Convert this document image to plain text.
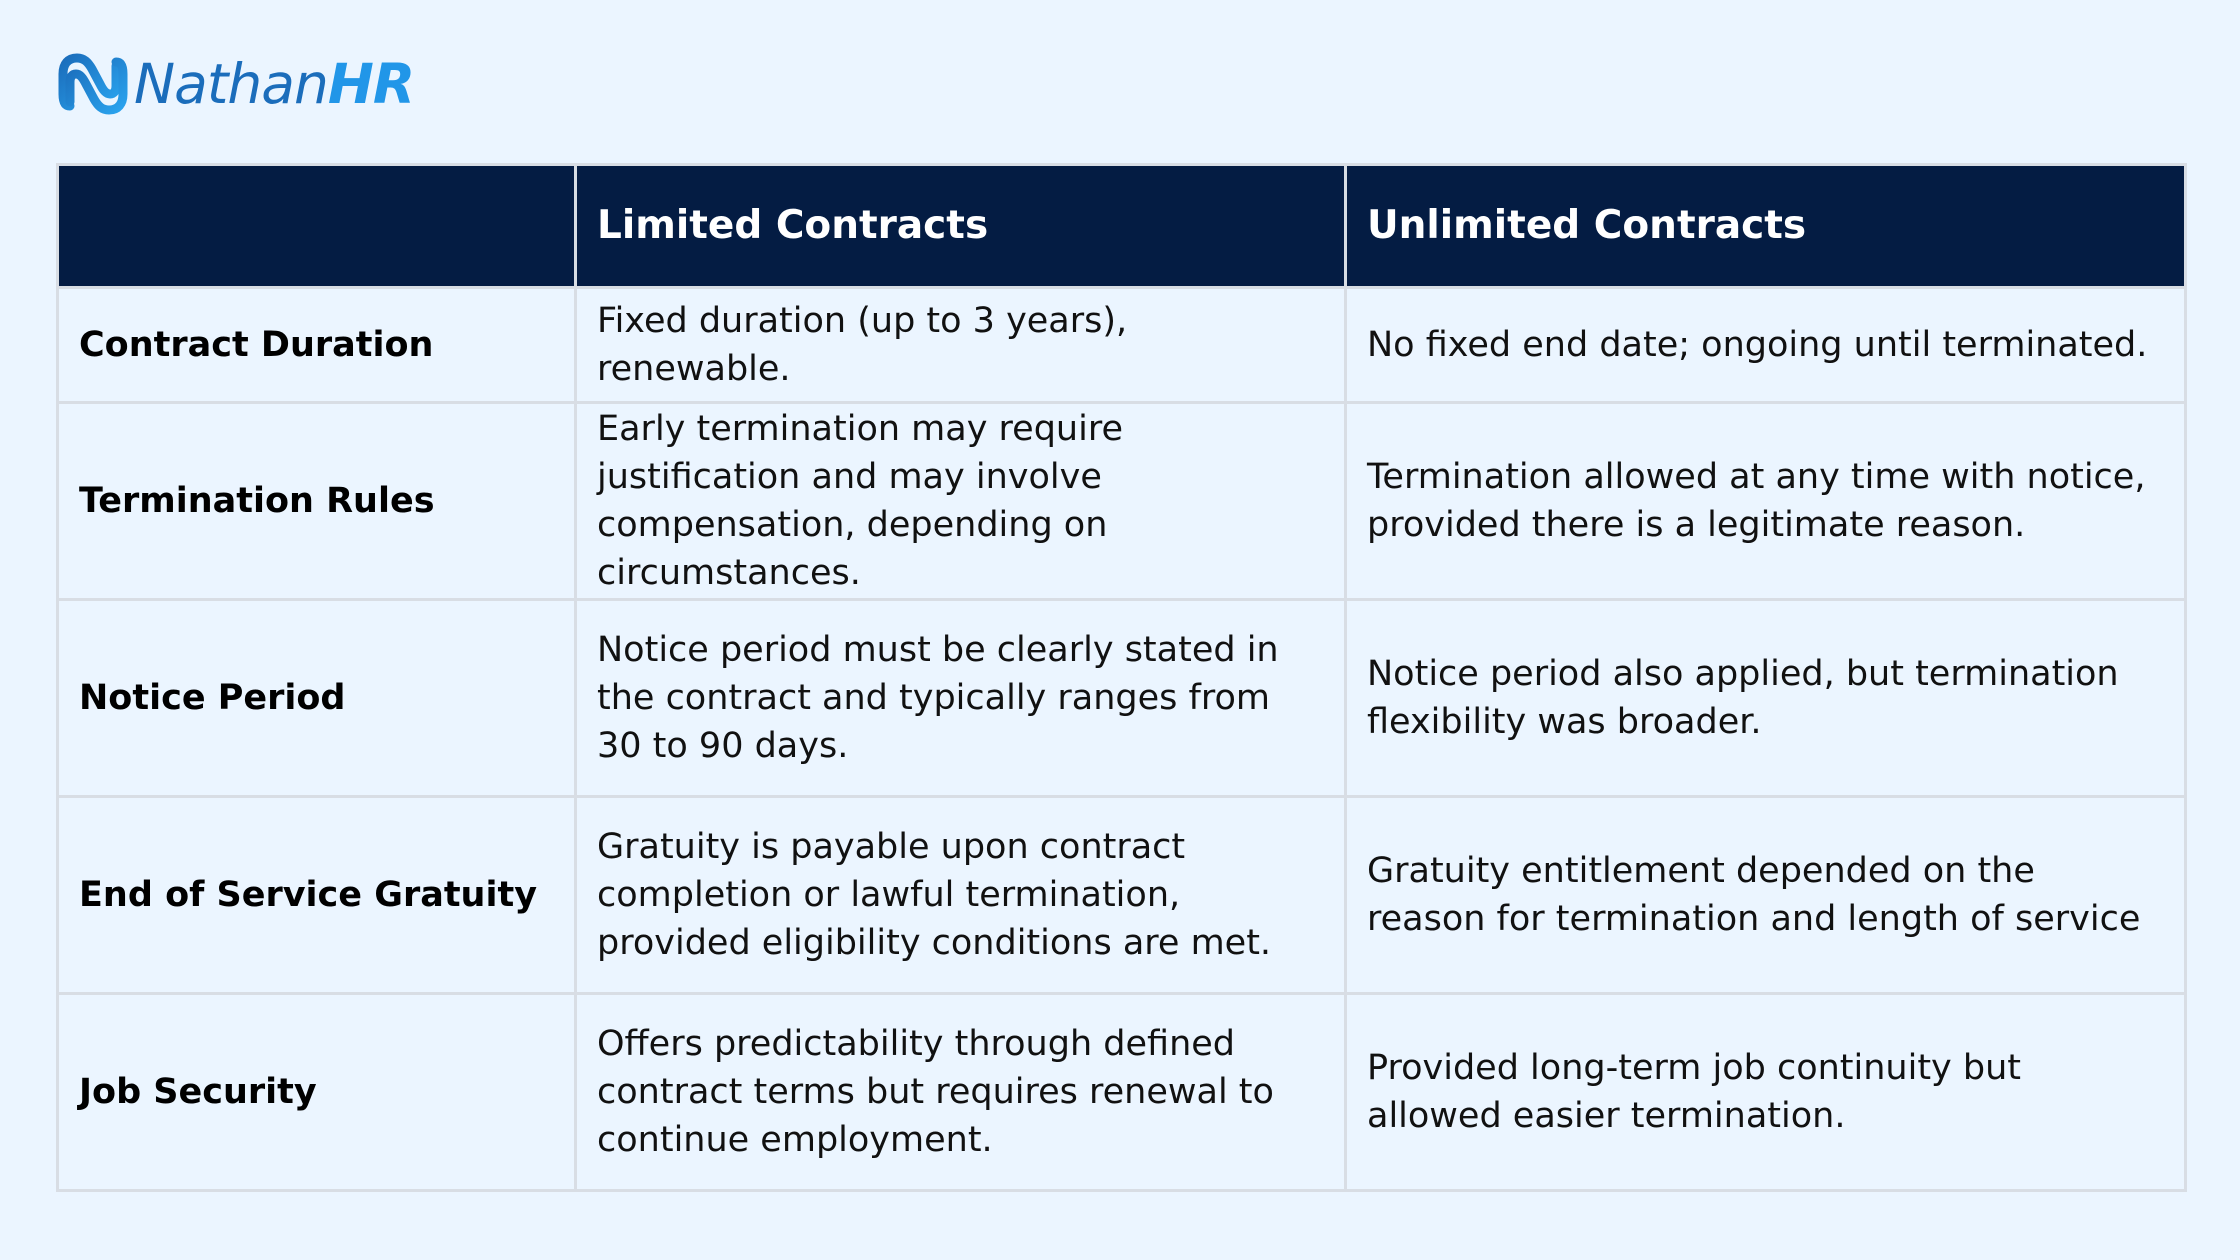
NathanHR
	Limited Contracts	Unlimited Contracts
Contract Duration	Fixed duration (up to 3 years), renewable.	No fixed end date; ongoing until terminated.
Termination Rules	Early termination may require justification and may involve compensation, depending on circumstances.	Termination allowed at any time with notice, provided there is a legitimate reason.
Notice Period	Notice period must be clearly stated in the contract and typically ranges from 30 to 90 days.	Notice period also applied, but termination flexibility was broader.
End of Service Gratuity	Gratuity is payable upon contract completion or lawful termination, provided eligibility conditions are met.	Gratuity entitlement depended on the reason for termination and length of service
Job Security	Offers predictability through defined contract terms but requires renewal to continue employment.	Provided long-term job continuity but allowed easier termination.
